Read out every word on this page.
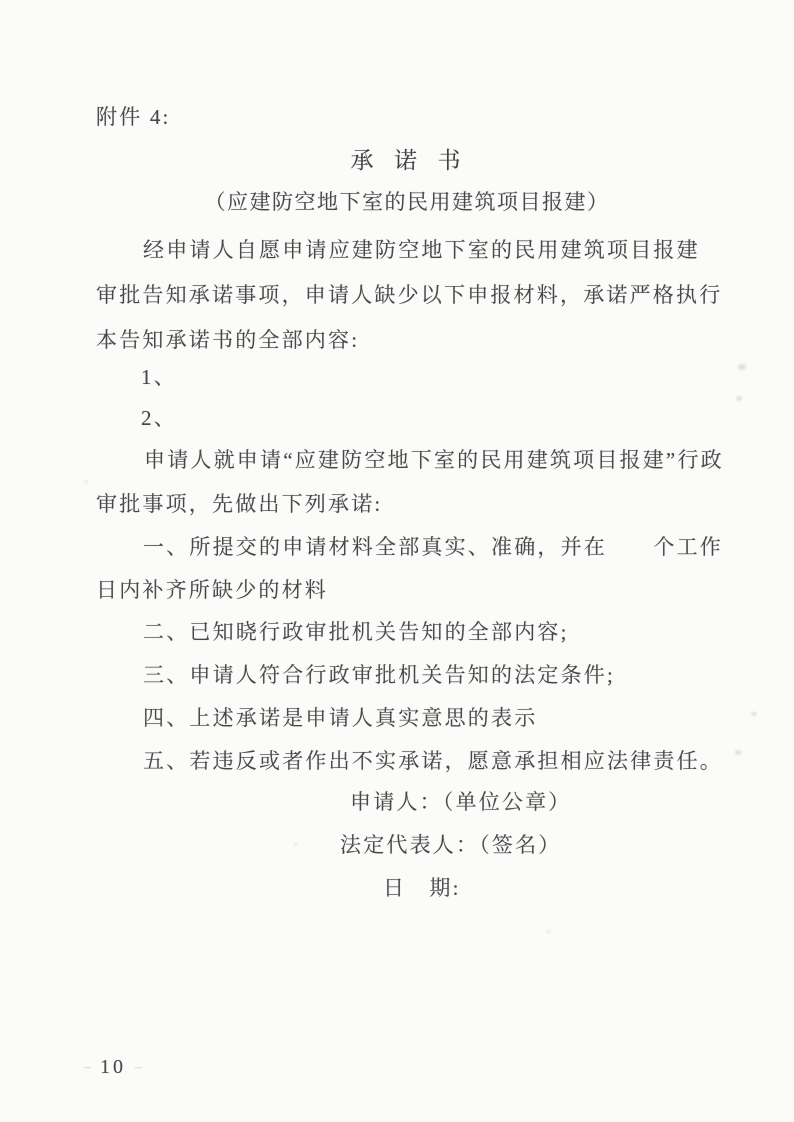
附件 4:
承  诺  书
（应建防空地下室的民用建筑项目报建）
经申请人自愿申请应建防空地下室的民用建筑项目报建
审批告知承诺事项，申请人缺少以下申报材料，承诺严格执行
本告知承诺书的全部内容:
1、
2、
申请人就申请“应建防空地下室的民用建筑项目报建”行政
审批事项，先做出下列承诺:
一、所提交的申请材料全部真实、准确，并在　　个工作
日内补齐所缺少的材料
二、已知晓行政审批机关告知的全部内容;
三、申请人符合行政审批机关告知的法定条件;
四、上述承诺是申请人真实意思的表示
五、若违反或者作出不实承诺，愿意承担相应法律责任。
申请人：（单位公章）
法定代表人：（签名）
日　期:
– 10 –
